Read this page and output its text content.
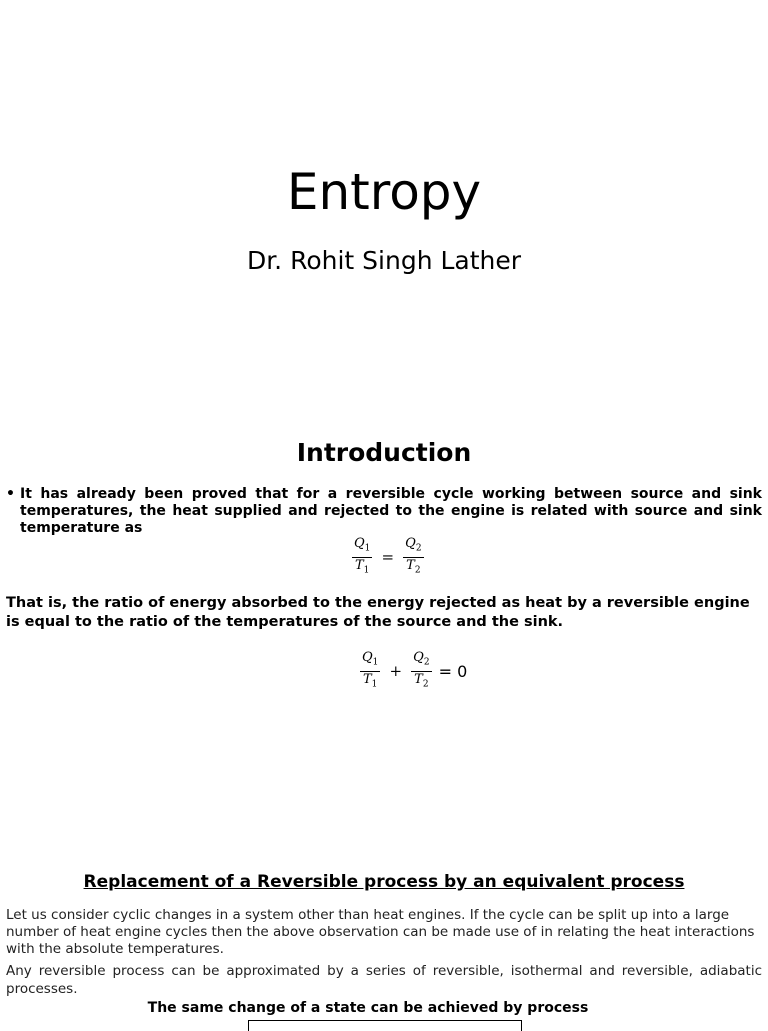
Entropy
Dr. Rohit Singh Lather
Introduction
• It has already been proved that for a reversible cycle working between source and sink temperatures, the heat supplied and rejected to the engine is related with source and sink temperature as
$\frac{Q_1}{T_1} = \frac{Q_2}{T_2}$
That is, the ratio of energy absorbed to the energy rejected as heat by a reversible engine is equal to the ratio of the temperatures of the source and the sink.
$\frac{Q_1}{T_1} + \frac{Q_2}{T_2} = 0$
Replacement of a Reversible process by an equivalent process
Let us consider cyclic changes in a system other than heat engines. If the cycle can be split up into a large number of heat engine cycles then the above observation can be made use of in relating the heat interactions with the absolute temperatures.
Any reversible process can be approximated by a series of reversible, isothermal and reversible, adiabatic processes.
The same change of a state can be achieved by process
